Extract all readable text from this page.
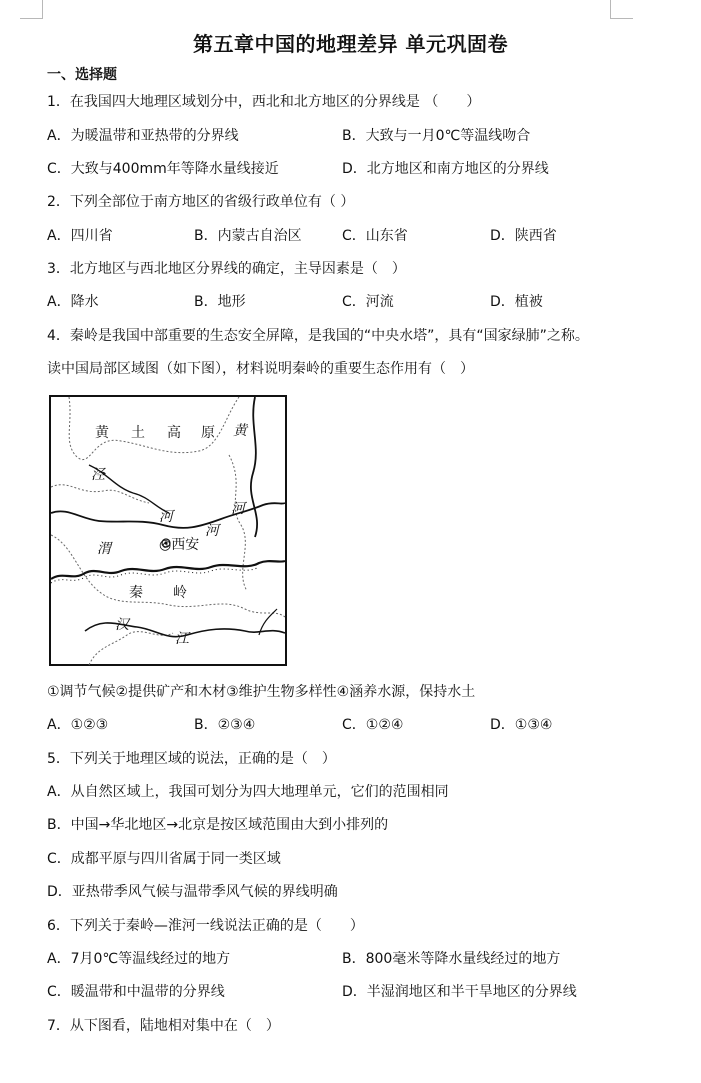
第五章中国的地理差异 单元巩固卷
一、选择题
1．在我国四大地理区域划分中，西北和北方地区的分界线是 （　　）
A．为暖温带和亚热带的分界线	B．大致与一月0℃等温线吻合
C．大致与400mm年等降水量线接近	D．北方地区和南方地区的分界线
2．下列全部位于南方地区的省级行政单位有（ ）
A．四川省	B．内蒙古自治区	C．山东省	D．陕西省
3．北方地区与西北地区分界线的确定，主导因素是（　）
A．降水	B．地形	C．河流	D．植被
4．秦岭是我国中部重要的生态安全屏障，是我国的“中央水塔”，具有“国家绿肺”之称。
读中国局部区域图（如下图），材料说明秦岭的重要生态作用有（　）
黄 土 高 原 黄
泾
河	河
河
渭	◎西安
秦 岭
汉
江
①调节气候②提供矿产和木材③维护生物多样性④涵养水源，保持水土
A．①②③	B．②③④	C．①②④	D．①③④
5．下列关于地理区域的说法，正确的是（　）
A．从自然区域上，我国可划分为四大地理单元，它们的范围相同
B．中国→华北地区→北京是按区域范围由大到小排列的
C．成都平原与四川省属于同一类区域
D．亚热带季风气候与温带季风气候的界线明确
6．下列关于秦岭—淮河一线说法正确的是（　　）
A．7月0℃等温线经过的地方	B．800毫米等降水量线经过的地方
C．暖温带和中温带的分界线	D．半湿润地区和半干旱地区的分界线
7．从下图看，陆地相对集中在（　）
